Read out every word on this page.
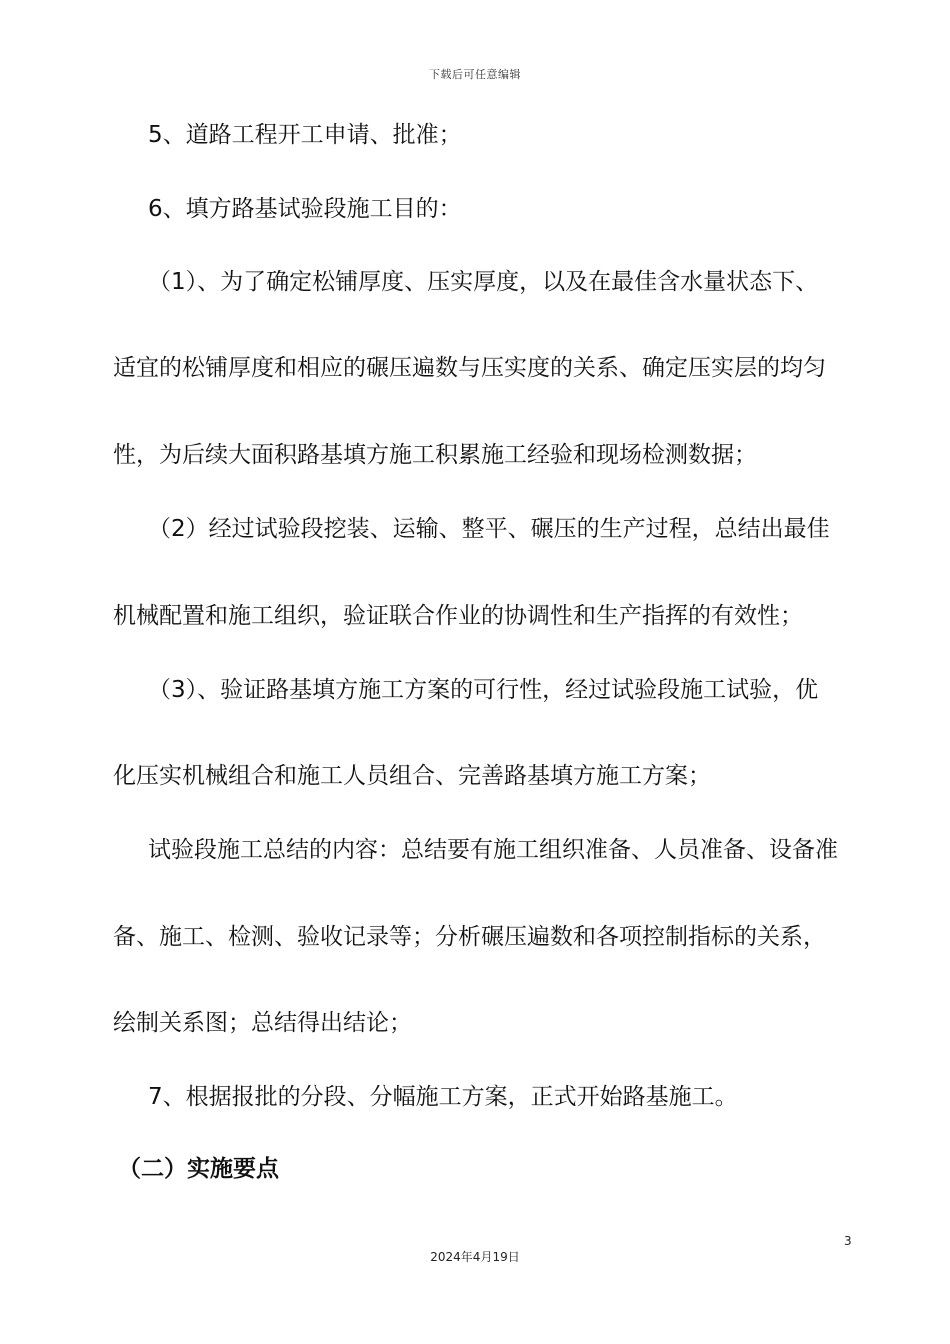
下载后可任意编辑
5、道路工程开工申请、批准；
6、填方路基试验段施工目的：
（1）、为了确定松铺厚度、压实厚度，以及在最佳含水量状态下、
适宜的松铺厚度和相应的碾压遍数与压实度的关系、确定压实层的均匀
性，为后续大面积路基填方施工积累施工经验和现场检测数据；
（2）经过试验段挖装、运输、整平、碾压的生产过程，总结出最佳
机械配置和施工组织，验证联合作业的协调性和生产指挥的有效性；
（3）、验证路基填方施工方案的可行性，经过试验段施工试验，优
化压实机械组合和施工人员组合、完善路基填方施工方案；
试验段施工总结的内容：总结要有施工组织准备、人员准备、设备准
备、施工、检测、验收记录等；分析碾压遍数和各项控制指标的关系，
绘制关系图；总结得出结论；
7、根据报批的分段、分幅施工方案，正式开始路基施工。
（二）实施要点
3
2024年4月19日
